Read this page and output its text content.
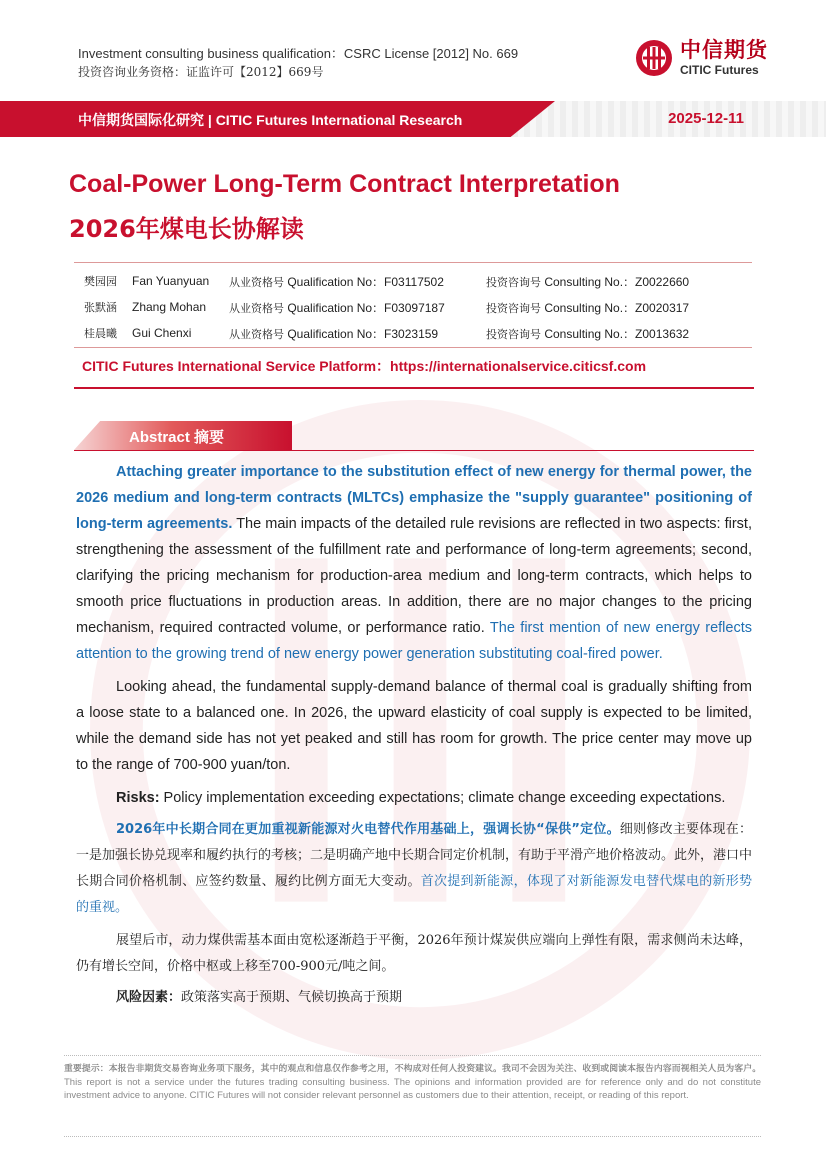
Investment consulting business qualification：CSRC License [2012] No. 669
投资咨询业务资格：证监许可【2012】669号
中信期货
CITIC Futures
中信期货国际化研究 | CITIC Futures International Research	2025-12-11
Coal-Power Long-Term Contract Interpretation
2026年煤电长协解读
樊园园	Fan Yuanyuan	从业资格号 Qualification No：F03117502	投资咨询号 Consulting No.：Z0022660
张默涵	Zhang Mohan	从业资格号 Qualification No：F03097187	投资咨询号 Consulting No.：Z0020317
桂晨曦	Gui Chenxi	从业资格号 Qualification No：F3023159	投资咨询号 Consulting No.：Z0013632
CITIC Futures International Service Platform：https://internationalservice.citicsf.com
Abstract 摘要
Attaching greater importance to the substitution effect of new energy for thermal power, the 2026 medium and long-term contracts (MLTCs) emphasize the "supply guarantee" positioning of long-term agreements. The main impacts of the detailed rule revisions are reflected in two aspects: first, strengthening the assessment of the fulfillment rate and performance of long-term agreements; second, clarifying the pricing mechanism for production-area medium and long-term contracts, which helps to smooth price fluctuations in production areas. In addition, there are no major changes to the pricing mechanism, required contracted volume, or performance ratio. The first mention of new energy reflects attention to the growing trend of new energy power generation substituting coal-fired power.
Looking ahead, the fundamental supply-demand balance of thermal coal is gradually shifting from a loose state to a balanced one. In 2026, the upward elasticity of coal supply is expected to be limited, while the demand side has not yet peaked and still has room for growth. The price center may move up to the range of 700-900 yuan/ton.
Risks: Policy implementation exceeding expectations; climate change exceeding expectations.
2026年中长期合同在更加重视新能源对火电替代作用基础上，强调长协“保供”定位。细则修改主要体现在：一是加强长协兑现率和履约执行的考核；二是明确产地中长期合同定价机制，有助于平滑产地价格波动。此外，港口中长期合同价格机制、应签约数量、履约比例方面无大变动。首次提到新能源，体现了对新能源发电替代煤电的新形势的重视。
展望后市，动力煤供需基本面由宽松逐渐趋于平衡，2026年预计煤炭供应端向上弹性有限，需求侧尚未达峰，仍有增长空间，价格中枢或上移至700-900元/吨之间。
风险因素：政策落实高于预期、气候切换高于预期
重要提示：本报告非期货交易咨询业务项下服务，其中的观点和信息仅作参考之用，不构成对任何人投资建议。我司不会因为关注、收到或阅读本报告内容而视相关人员为客户。 This report is not a service under the futures trading consulting business. The opinions and information provided are for reference only and do not constitute investment advice to anyone. CITIC Futures will not consider relevant personnel as customers due to their attention, receipt, or reading of this report.
